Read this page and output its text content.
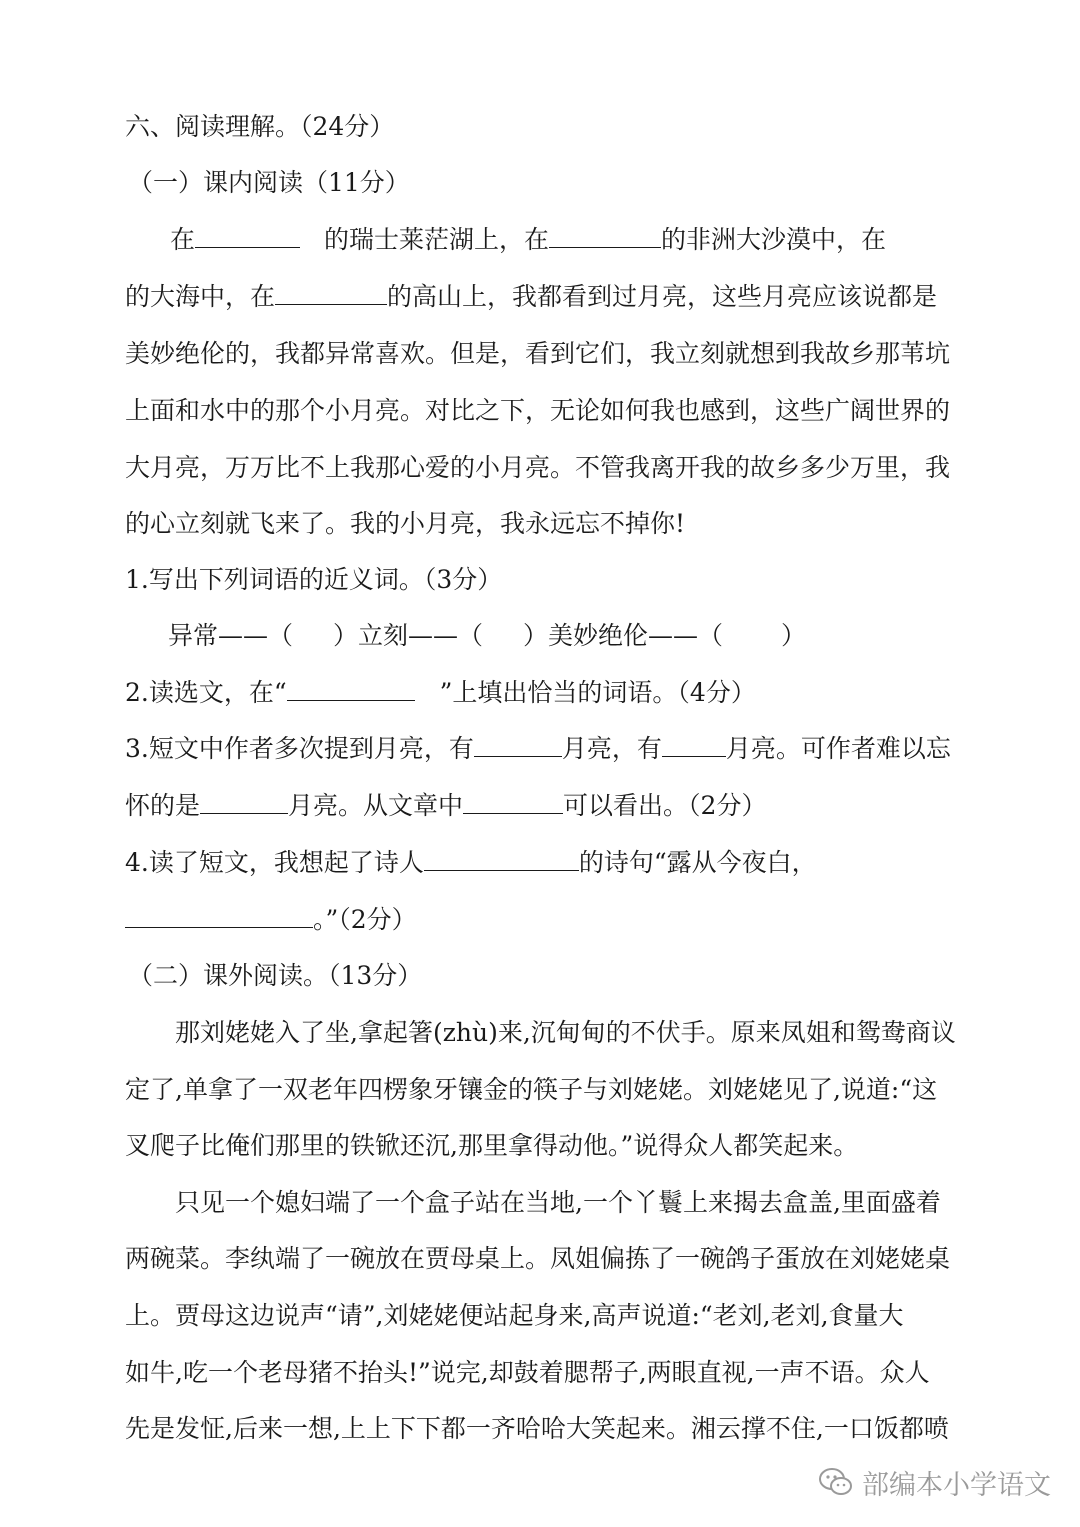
六、阅读理解。（24分）
（一）课内阅读（11分）
在	的瑞士莱茫湖上，在	的非洲大沙漠中，在
的大海中，在	的高山上，我都看到过月亮，这些月亮应该说都是
美妙绝伦的，我都异常喜欢。但是，看到它们，我立刻就想到我故乡那苇坑
上面和水中的那个小月亮。对比之下，无论如何我也感到，这些广阔世界的
大月亮，万万比不上我那心爱的小月亮。不管我离开我的故乡多少万里，我
的心立刻就飞来了。我的小月亮，我永远忘不掉你!
1.写出下列词语的近义词。（3分）
异常——（ ）立刻——（ ）美妙绝伦——（ ）
2.读选文，在“	”上填出恰当的词语。（4分）
3.短文中作者多次提到月亮，有	月亮，有	月亮。可作者难以忘
怀的是	月亮。从文章中	可以看出。（2分）
4.读了短文，我想起了诗人	的诗句“露从今夜白，
。”（2分）
（二）课外阅读。（13分）
那刘姥姥入了坐,拿起箸(zhù)来,沉甸甸的不伏手。原来凤姐和鸳鸯商议
定了,单拿了一双老年四楞象牙镶金的筷子与刘姥姥。刘姥姥见了,说道:“这
叉爬子比俺们那里的铁锨还沉,那里拿得动他。”说得众人都笑起来。
只见一个媳妇端了一个盒子站在当地,一个丫鬟上来揭去盒盖,里面盛着
两碗菜。李纨端了一碗放在贾母桌上。凤姐偏拣了一碗鸽子蛋放在刘姥姥桌
上。贾母这边说声“请”,刘姥姥便站起身来,高声说道:“老刘,老刘,食量大
如牛,吃一个老母猪不抬头!”说完,却鼓着腮帮子,两眼直视,一声不语。众人
先是发怔,后来一想,上上下下都一齐哈哈大笑起来。湘云撑不住,一口饭都喷
部编本小学语文
